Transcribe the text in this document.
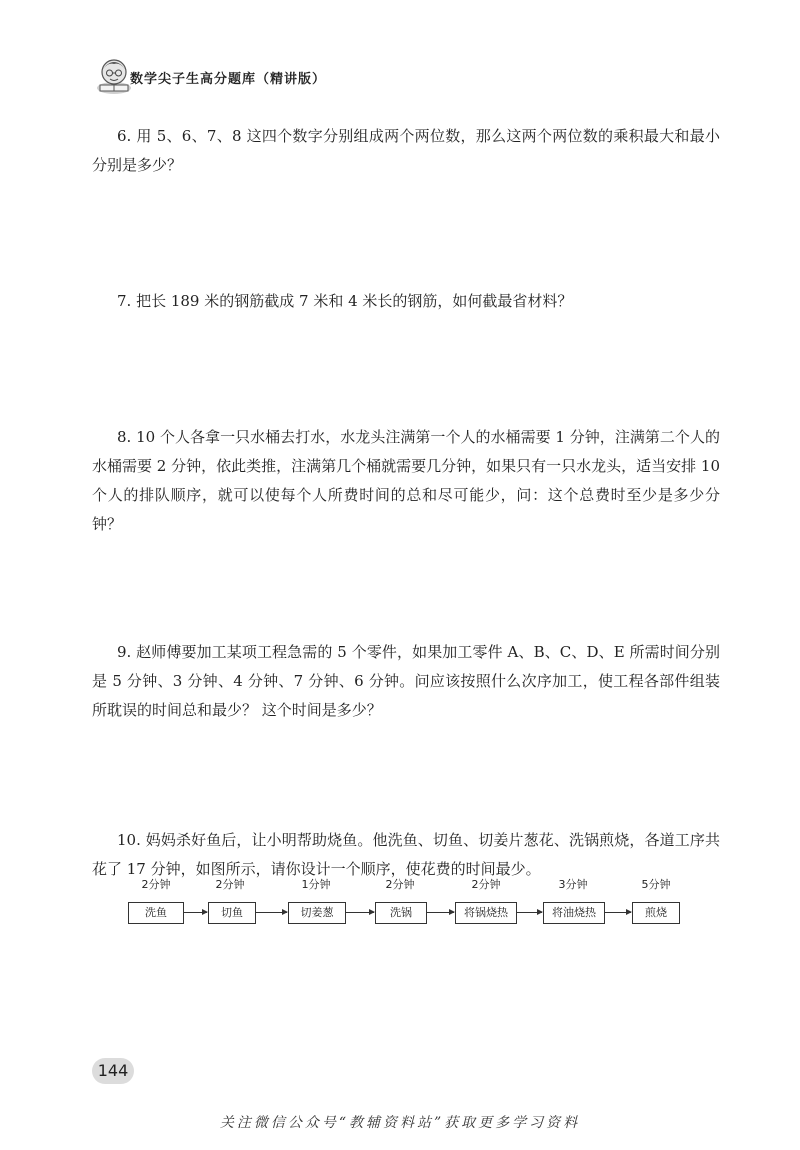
数学尖子生高分题库（精讲版）

6. 用 5、6、7、8 这四个数字分别组成两个两位数，那么这两个两位数的乘积最大和最小分别是多少？

7. 把长 189 米的钢筋截成 7 米和 4 米长的钢筋，如何截最省材料？

8. 10 个人各拿一只水桶去打水，水龙头注满第一个人的水桶需要 1 分钟，注满第二个人的水桶需要 2 分钟，依此类推，注满第几个桶就需要几分钟，如果只有一只水龙头，适当安排 10 个人的排队顺序，就可以使每个人所费时间的总和尽可能少，问：这个总费时至少是多少分钟？

9. 赵师傅要加工某项工程急需的 5 个零件，如果加工零件 A、B、C、D、E 所需时间分别是 5 分钟、3 分钟、4 分钟、7 分钟、6 分钟。问应该按照什么次序加工，使工程各部件组装所耽误的时间总和最少？ 这个时间是多少？

10. 妈妈杀好鱼后，让小明帮助烧鱼。他洗鱼、切鱼、切姜片葱花、洗锅煎烧，各道工序共花了 17 分钟，如图所示，请你设计一个顺序，使花费的时间最少。

2分钟
洗鱼
2分钟
切鱼
1分钟
切姜葱
2分钟
洗锅
2分钟
将锅烧热
3分钟
将油烧热
5分钟
煎烧
144
关注微信公众号“教辅资料站”获取更多学习资料
